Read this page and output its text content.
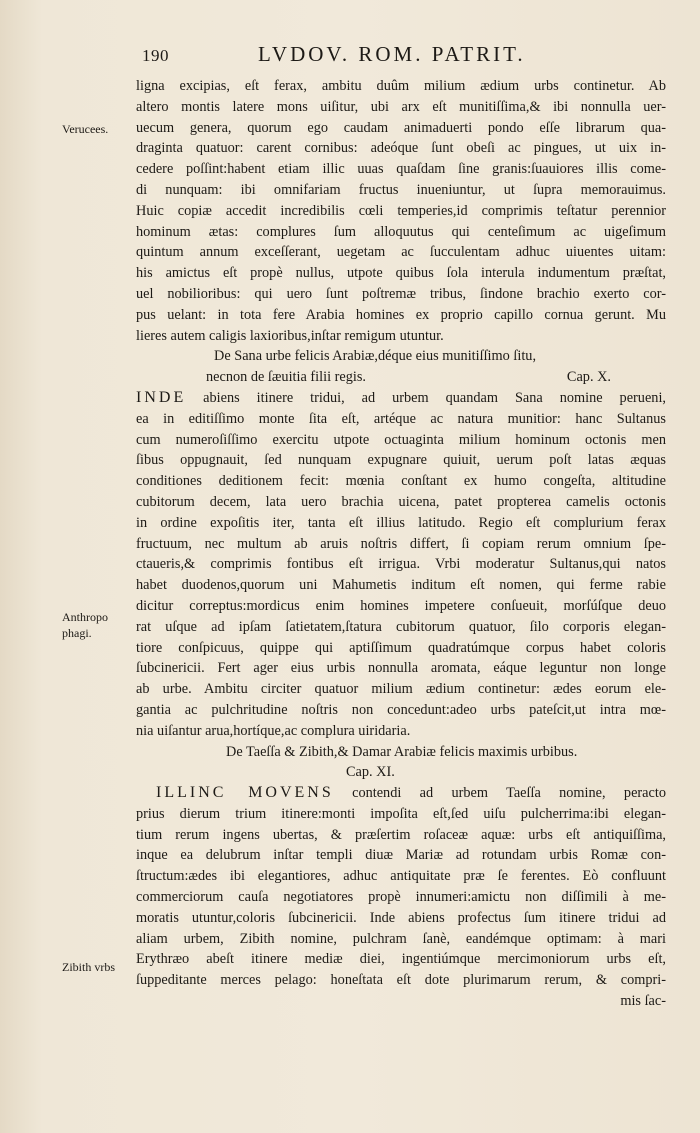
190	LVDOV. ROM. PATRIT.
Verucees.
Anthropo
phagi.
Zibith vrbs
ligna excipias, eſt ferax, ambitu duûm milium ædium urbs continetur. Ab
altero montis latere mons uiſitur, ubi arx eſt munitiſſima,& ibi nonnulla uer-
uecum genera, quorum ego caudam animaduerti pondo eſſe librarum qua-
draginta quatuor: carent cornibus: adeóque ſunt obeſi ac pingues, ut uix in-
cedere poſſint:habent etiam illic uuas quaſdam ſine granis:ſuauiores illis come-
di nunquam: ibi omnifariam fructus inueniuntur, ut ſupra memorauimus.
Huic copiæ accedit incredibilis cœli temperies,id comprimis teſtatur perennior
hominum ætas: complures ſum alloquutus qui centeſimum ac uigeſimum
quintum annum exceſſerant, uegetam ac ſucculentam adhuc uiuentes uitam:
his amictus eſt propè nullus, utpote quibus ſola interula indumentum præſtat,
uel nobilioribus: qui uero ſunt poſtremæ tribus, ſindone brachio exerto cor-
pus uelant: in tota fere Arabia homines ex proprio capillo cornua gerunt. Mu
lieres autem caligis laxioribus,inſtar remigum utuntur.
De Sana urbe felicis Arabiæ,déque eius munitiſſimo ſitu,
necnon de ſæuitia filii regis.	Cap. X.
INDE abiens itinere tridui, ad urbem quandam Sana nomine perueni,
ea in editiſſimo monte ſita eſt, artéque ac natura munitior: hanc Sultanus
cum numeroſiſſimo exercitu utpote octuaginta milium hominum octonis men
ſibus oppugnauit, ſed nunquam expugnare quiuit, uerum poſt latas æquas
conditiones deditionem fecit: mœnia conſtant ex humo congeſta, altitudine
cubitorum decem, lata uero brachia uicena, patet propterea camelis octonis
in ordine expoſitis iter, tanta eſt illius latitudo. Regio eſt complurium ferax
fructuum, nec multum ab aruis noſtris differt, ſi copiam rerum omnium ſpe-
ctaueris,& comprimis fontibus eſt irrigua. Vrbi moderatur Sultanus,qui natos
habet duodenos,quorum uni Mahumetis inditum eſt nomen, qui ferme rabie
dicitur correptus:mordicus enim homines impetere conſueuit, morſúſque deuo
rat uſque ad ipſam ſatietatem,ſtatura cubitorum quatuor, ſilo corporis elegan-
tiore conſpicuus, quippe qui aptiſſimum quadratúmque corpus habet coloris
ſubcinericii. Fert ager eius urbis nonnulla aromata, eáque leguntur non longe
ab urbe. Ambitu circiter quatuor milium ædium continetur: ædes eorum ele-
gantia ac pulchritudine noſtris non concedunt:adeo urbs pateſcit,ut intra mœ-
nia uiſantur arua,hortíque,ac complura uiridaria.
De Taeſſa & Zibith,& Damar Arabiæ felicis maximis urbibus.
Cap. XI.
ILLINC MOVENS contendi ad urbem Taeſſa nomine, peracto
prius dierum trium itinere:monti impoſita eſt,ſed uiſu pulcherrima:ibi elegan-
tium rerum ingens ubertas, & præſertim roſaceæ aquæ: urbs eſt antiquiſſima,
inque ea delubrum inſtar templi diuæ Mariæ ad rotundam urbis Romæ con-
ſtructum:ædes ibi elegantiores, adhuc antiquitate præ ſe ferentes. Eò confluunt
commerciorum cauſa negotiatores propè innumeri:amictu non diſſimili à me-
moratis utuntur,coloris ſubcinericii. Inde abiens profectus ſum itinere tridui ad
aliam urbem, Zibith nomine, pulchram ſanè, eandémque optimam: à mari
Erythræo abeſt itinere mediæ diei, ingentiúmque mercimoniorum urbs eſt,
ſuppeditante merces pelago: honeſtata eſt dote plurimarum rerum, & compri-
mis ſac-
